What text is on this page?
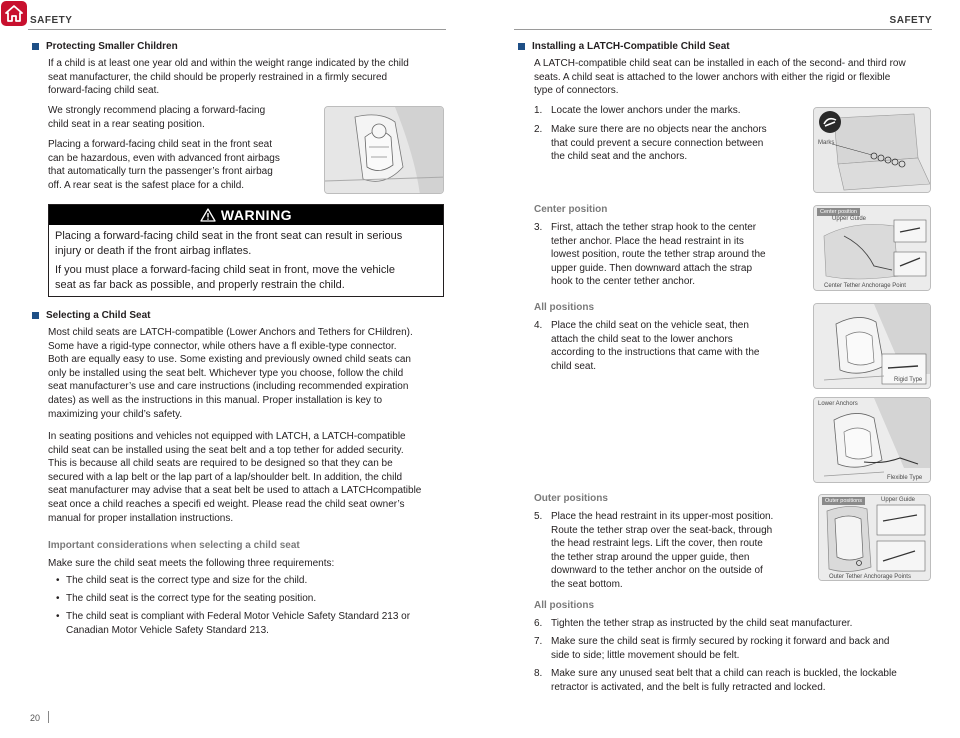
SAFETY
Protecting Smaller Children
If a child is at least one year old and within the weight range indicated by the child
seat manufacturer, the child should be properly restrained in a firmly secured
forward-facing child seat.
We strongly recommend placing a forward-facing
child seat in a rear seating position.
Placing a forward-facing child seat in the front seat
can be hazardous, even with advanced front airbags
that automatically turn the passenger’s front airbag
off. A rear seat is the safest place for a child.
WARNING
Placing a forward-facing child seat in the front seat can result in serious
injury or death if the front airbag inflates.
If you must place a forward-facing child seat in front, move the vehicle
seat as far back as possible, and properly restrain the child.
Selecting a Child Seat
Most child seats are LATCH-compatible (Lower Anchors and Tethers for CHildren).
Some have a rigid-type connector, while others have a fl exible-type connector.
Both are equally easy to use. Some existing and previously owned child seats can
only be installed using the seat belt. Whichever type you choose, follow the child
seat manufacturer’s use and care instructions (including recommended expiration
dates) as well as the instructions in this manual. Proper installation is key to
maximizing your child’s safety.
In seating positions and vehicles not equipped with LATCH, a LATCH-compatible
child seat can be installed using the seat belt and a top tether for added security.
This is because all child seats are required to be designed so that they can be
secured with a lap belt or the lap part of a lap/shoulder belt. In addition, the child
seat manufacturer may advise that a seat belt be used to attach a LATCHcompatible
seat once a child reaches a specifi ed weight. Please read the child seat owner’s
manual for proper installation instructions.
Important considerations when selecting a child seat
Make sure the child seat meets the following three requirements:
• The child seat is the correct type and size for the child.
• The child seat is the correct type for the seating position.
• The child seat is compliant with Federal Motor Vehicle Safety Standard 213 or
Canadian Motor Vehicle Safety Standard 213.
20
SAFETY
Installing a LATCH-Compatible Child Seat
A LATCH-compatible child seat can be installed in each of the second- and third row
seats. A child seat is attached to the lower anchors with either the rigid or flexible
type of connectors.
1. Locate the lower anchors under the marks.
2. Make sure there are no objects near the anchors
that could prevent a secure connection between
the child seat and the anchors.
Marks
Center position
3. First, attach the tether strap hook to the center
tether anchor. Place the head restraint in its
lowest position, route the tether strap around the
upper guide. Then downward attach the strap
hook to the center tether anchor.
Center position
Upper Guide
Center Tether Anchorage Point
All positions
4. Place the child seat on the vehicle seat, then
attach the child seat to the lower anchors
according to the instructions that came with the
child seat.
Rigid Type
Lower Anchors
Flexible Type
Outer positions
5. Place the head restraint in its upper-most position.
Route the tether strap over the seat-back, through
the head restraint legs. Lift the cover, then route
the tether strap around the upper guide, then
downward to the tether anchor on the outside of
the seat bottom.
Outer positions	Upper Guide
Outer Tether Anchorage Points
All positions
6. Tighten the tether strap as instructed by the child seat manufacturer.
7. Make sure the child seat is firmly secured by rocking it forward and back and
side to side; little movement should be felt.
8. Make sure any unused seat belt that a child can reach is buckled, the lockable
retractor is activated, and the belt is fully retracted and locked.
